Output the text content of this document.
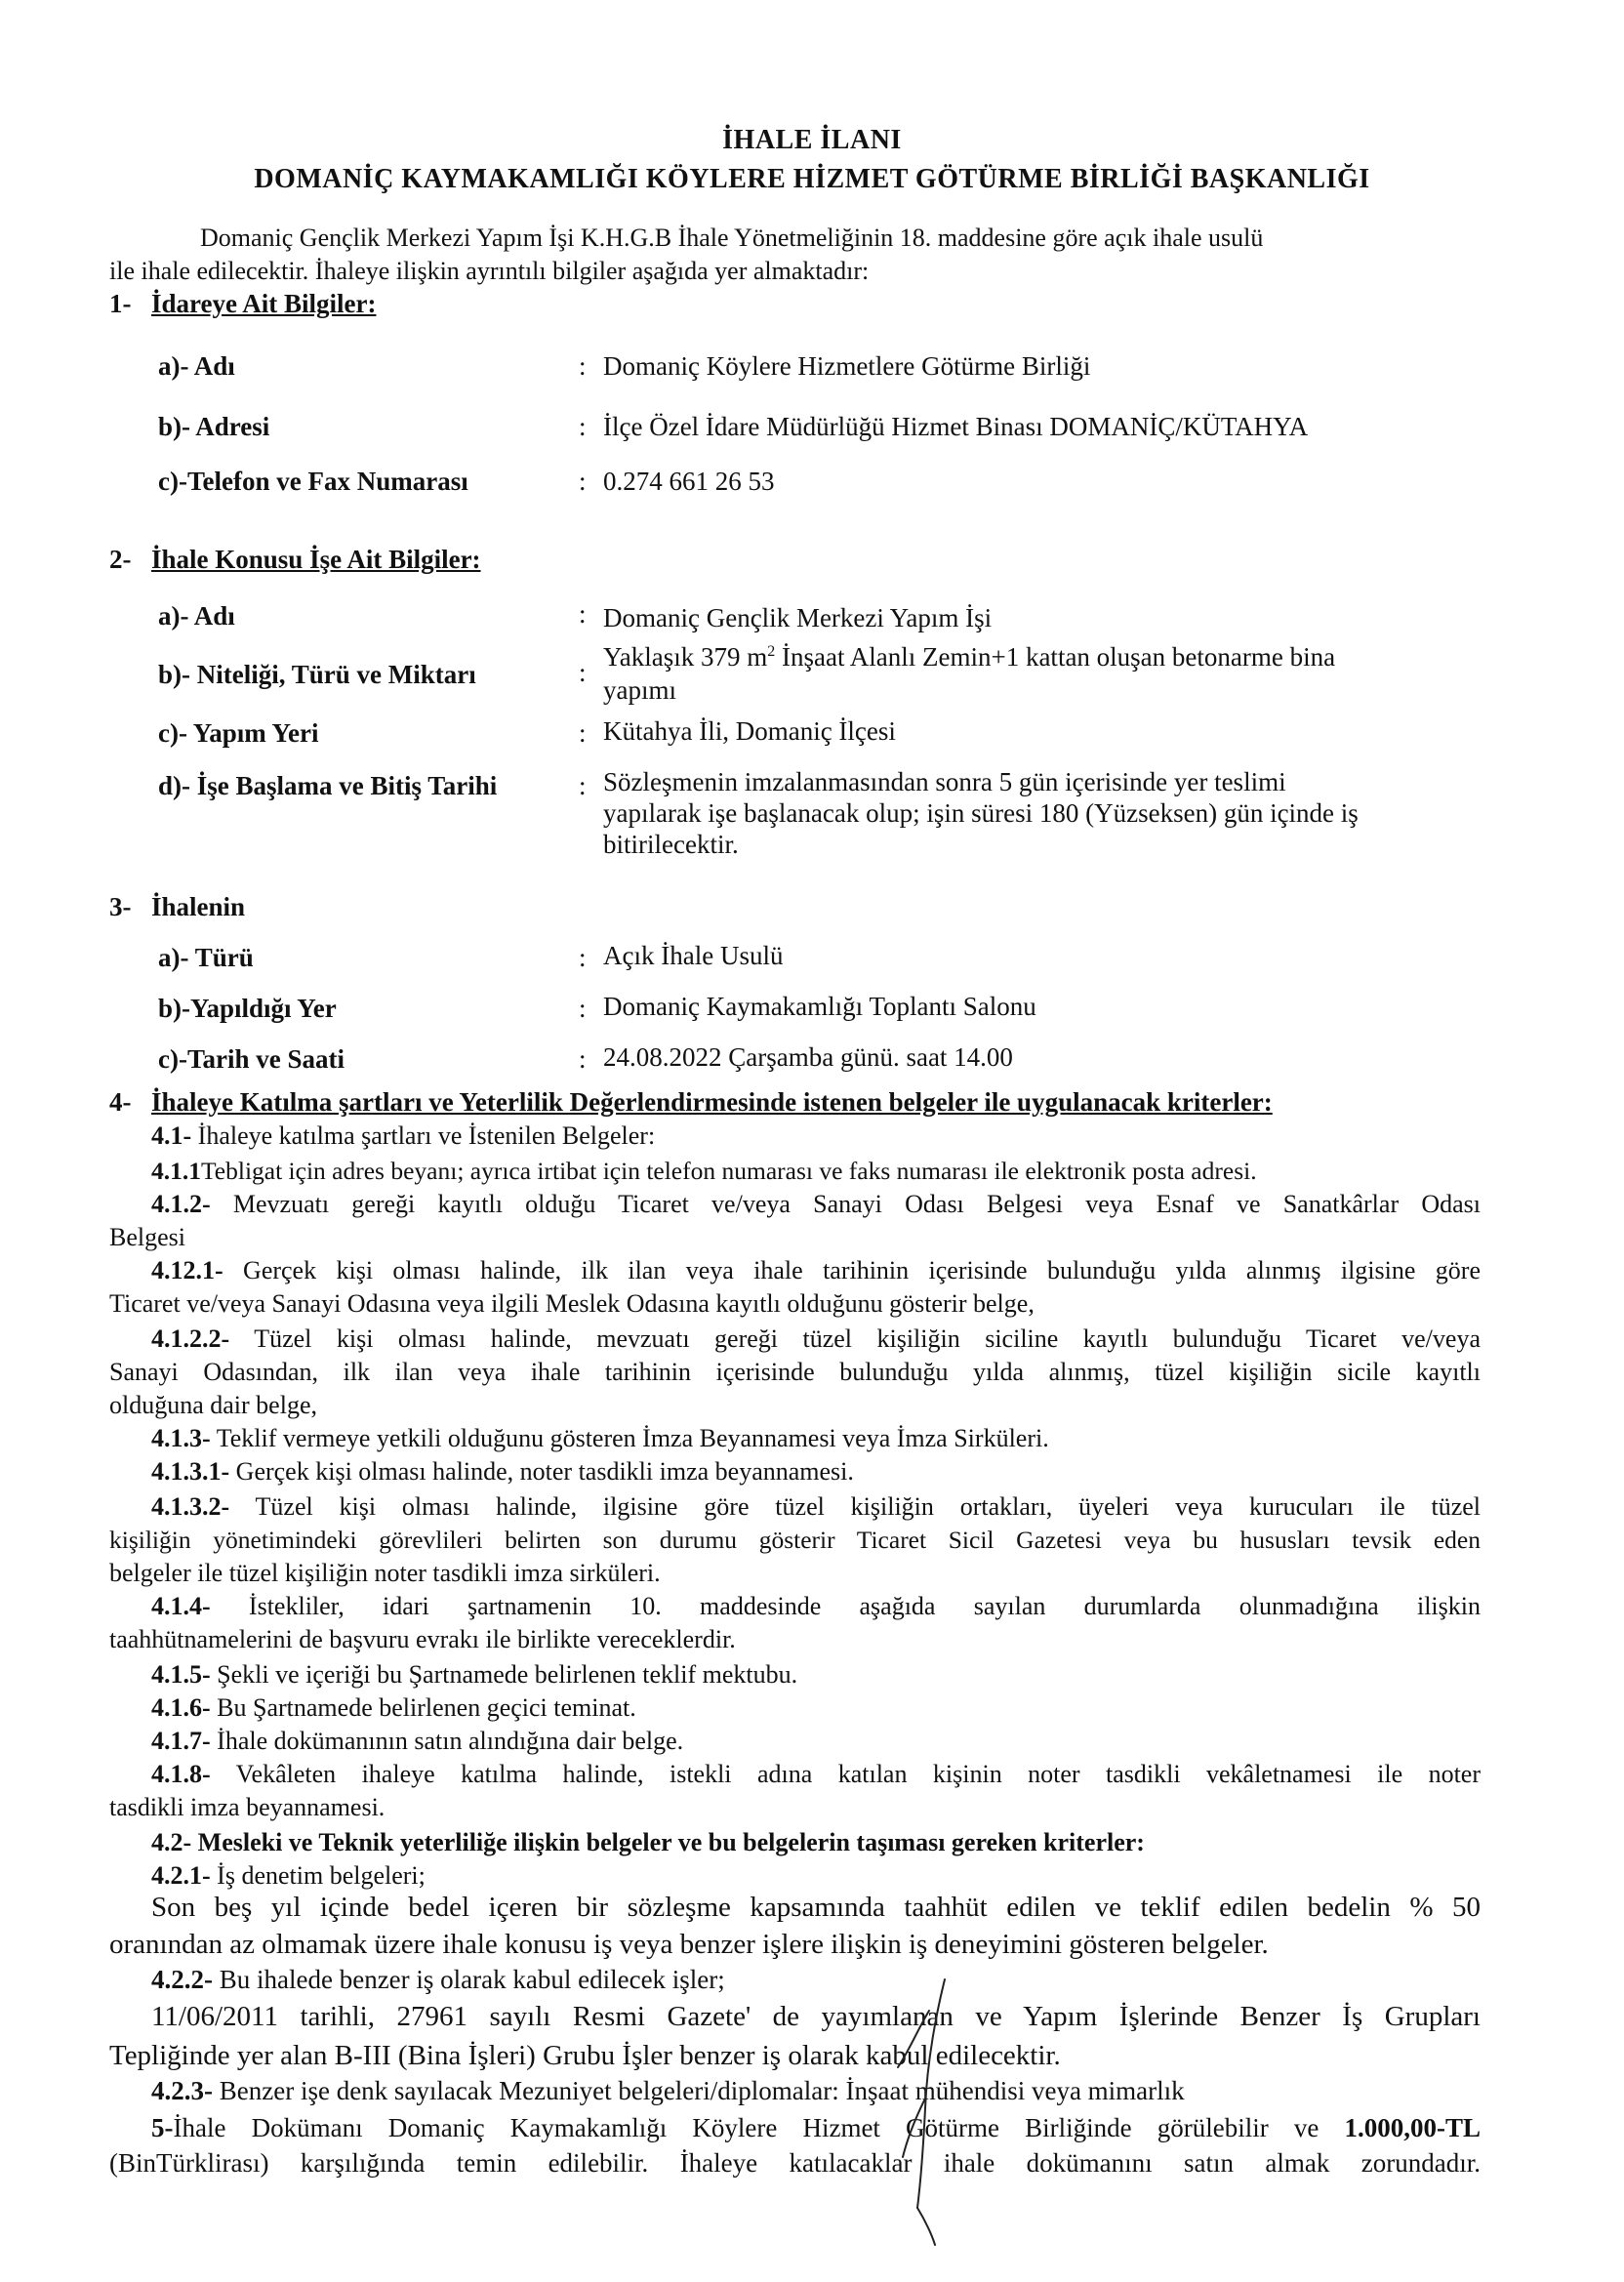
İHALE İLANI
DOMANİÇ KAYMAKAMLIĞI KÖYLERE HİZMET GÖTÜRME BİRLİĞİ BAŞKANLIĞI
Domaniç Gençlik Merkezi Yapım İşi K.H.G.B İhale Yönetmeliğinin 18. maddesine göre açık ihale usulü
ile ihale edilecektir. İhaleye ilişkin ayrıntılı bilgiler aşağıda yer almaktadır:
1- İdareye Ait Bilgiler:
a)- Adı	: Domaniç Köylere Hizmetlere Götürme Birliği
b)- Adresi	: İlçe Özel İdare Müdürlüğü Hizmet Binası DOMANİÇ/KÜTAHYA
c)-Telefon ve Fax Numarası	: 0.274 661 26 53
2- İhale Konusu İşe Ait Bilgiler:
a)- Adı	: Domaniç Gençlik Merkezi Yapım İşi
b)- Niteliği, Türü ve Miktarı	:
Yaklaşık 379 $m^2$ İnşaat Alanlı Zemin+1 kattan oluşan betonarme bina
yapımı
c)- Yapım Yeri	: Kütahya İli, Domaniç İlçesi
d)- İşe Başlama ve Bitiş Tarihi	: Sözleşmenin imzalanmasından sonra 5 gün içerisinde yer teslimi
yapılarak işe başlanacak olup; işin süresi 180 (Yüzseksen) gün içinde iş
bitirilecektir.
3- İhalenin
a)- Türü	: Açık İhale Usulü
b)-Yapıldığı Yer	: Domaniç Kaymakamlığı Toplantı Salonu
c)-Tarih ve Saati	: 24.08.2022 Çarşamba günü. saat 14.00
4- İhaleye Katılma şartları ve Yeterlilik Değerlendirmesinde istenen belgeler ile uygulanacak kriterler:
4.1- İhaleye katılma şartları ve İstenilen Belgeler:
4.1.1Tebligat için adres beyanı; ayrıca irtibat için telefon numarası ve faks numarası ile elektronik posta adresi.
4.1.2- Mevzuatı gereği kayıtlı olduğu Ticaret ve/veya Sanayi Odası Belgesi veya Esnaf ve Sanatkârlar Odası
Belgesi
4.12.1- Gerçek kişi olması halinde, ilk ilan veya ihale tarihinin içerisinde bulunduğu yılda alınmış ilgisine göre
Ticaret ve/veya Sanayi Odasına veya ilgili Meslek Odasına kayıtlı olduğunu gösterir belge,
4.1.2.2- Tüzel kişi olması halinde, mevzuatı gereği tüzel kişiliğin siciline kayıtlı bulunduğu Ticaret ve/veya
Sanayi Odasından, ilk ilan veya ihale tarihinin içerisinde bulunduğu yılda alınmış, tüzel kişiliğin sicile kayıtlı
olduğuna dair belge,
4.1.3- Teklif vermeye yetkili olduğunu gösteren İmza Beyannamesi veya İmza Sirküleri.
4.1.3.1- Gerçek kişi olması halinde, noter tasdikli imza beyannamesi.
4.1.3.2- Tüzel kişi olması halinde, ilgisine göre tüzel kişiliğin ortakları, üyeleri veya kurucuları ile tüzel
kişiliğin yönetimindeki görevlileri belirten son durumu gösterir Ticaret Sicil Gazetesi veya bu hususları tevsik eden
belgeler ile tüzel kişiliğin noter tasdikli imza sirküleri.
4.1.4- İstekliler, idari şartnamenin 10. maddesinde aşağıda sayılan durumlarda olunmadığına ilişkin
taahhütnamelerini de başvuru evrakı ile birlikte vereceklerdir.
4.1.5- Şekli ve içeriği bu Şartnamede belirlenen teklif mektubu.
4.1.6- Bu Şartnamede belirlenen geçici teminat.
4.1.7- İhale dokümanının satın alındığına dair belge.
4.1.8- Vekâleten ihaleye katılma halinde, istekli adına katılan kişinin noter tasdikli vekâletnamesi ile noter
tasdikli imza beyannamesi.
4.2- Mesleki ve Teknik yeterliliğe ilişkin belgeler ve bu belgelerin taşıması gereken kriterler:
4.2.1- İş denetim belgeleri;
Son beş yıl içinde bedel içeren bir sözleşme kapsamında taahhüt edilen ve teklif edilen bedelin % 50
oranından az olmamak üzere ihale konusu iş veya benzer işlere ilişkin iş deneyimini gösteren belgeler.
4.2.2- Bu ihalede benzer iş olarak kabul edilecek işler;
11/06/2011 tarihli, 27961 sayılı Resmi Gazete' de yayımlanan ve Yapım İşlerinde Benzer İş Grupları
Tepliğinde yer alan B-III (Bina İşleri) Grubu İşler benzer iş olarak kabul edilecektir.
4.2.3- Benzer işe denk sayılacak Mezuniyet belgeleri/diplomalar: İnşaat mühendisi veya mimarlık
5-İhale Dokümanı Domaniç Kaymakamlığı Köylere Hizmet Götürme Birliğinde görülebilir ve 1.000,00-TL
(BinTürklirası) karşılığında temin edilebilir. İhaleye katılacaklar ihale dokümanını satın almak zorundadır.
